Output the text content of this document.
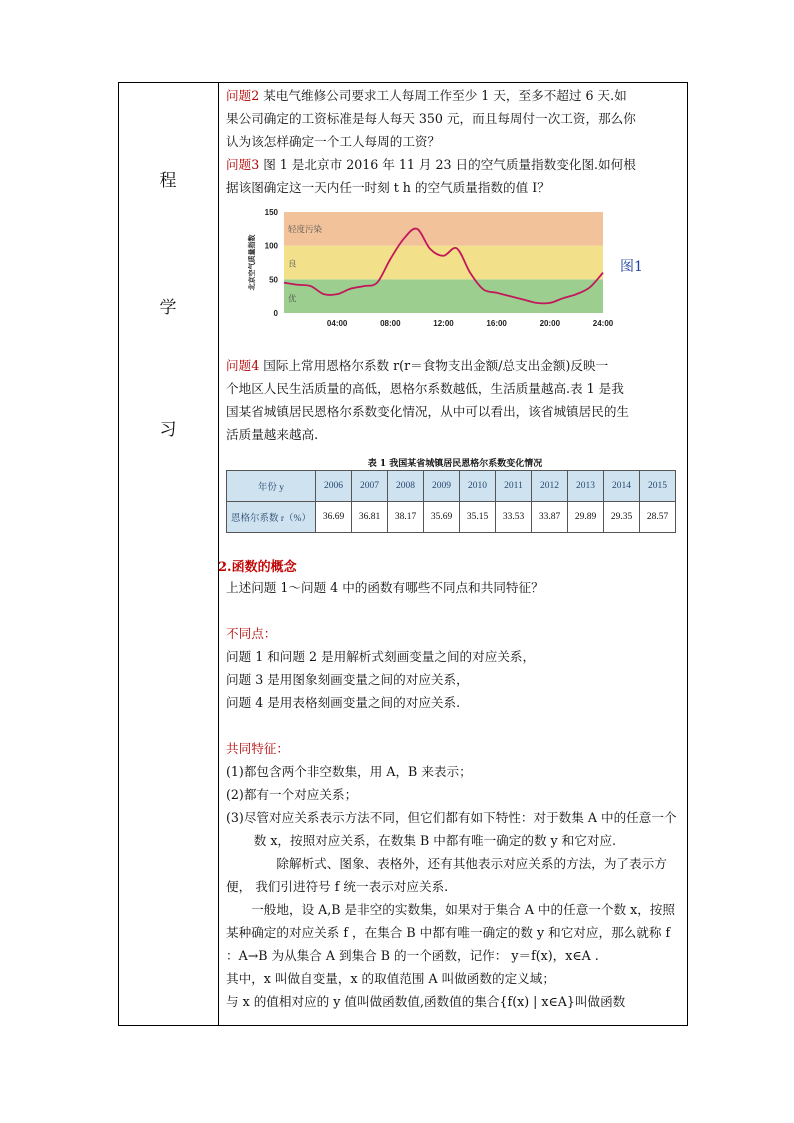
程
学
习

问题2 某电气维修公司要求工人每周工作至少 1 天，至多不超过 6 天.如

果公司确定的工资标准是每人每天 350 元，而且每周付一次工资，那么你

认为该怎样确定一个工人每周的工资？

问题3 图 1 是北京市 2016 年 11 月 23 日的空气质量指数变化图.如何根

据该图确定这一天内任一时刻 t h 的空气质量指数的值 I？

优
良
轻度污染
0
50
100
150
北京空气质量指数
04:00	08:00	12:00	16:00	20:00	24:00
图1

问题4 国际上常用恩格尔系数 r(r＝食物支出金额/总支出金额)反映一

个地区人民生活质量的高低，恩格尔系数越低，生活质量越高.表 1 是我

国某省城镇居民恩格尔系数变化情况，从中可以看出，该省城镇居民的生

活质量越来越高.

表 1 我国某省城镇居民恩格尔系数变化情况
年份 y	2006	2007	2008	2009	2010	2011	2012	2013	2014	2015
恩格尔系数 r（%）	36.69	36.81	38.17	35.69	35.15	33.53	33.87	29.89	29.35	28.57
2.函数的概念

上述问题 1～问题 4 中的函数有哪些不同点和共同特征？

不同点：

问题 1 和问题 2 是用解析式刻画变量之间的对应关系，

问题 3 是用图象刻画变量之间的对应关系，

问题 4 是用表格刻画变量之间的对应关系.

共同特征：

(1)都包含两个非空数集，用 A，B 来表示；

(2)都有一个对应关系；

(3)尽管对应关系表示方法不同，但它们都有如下特性：对于数集 A 中的任意一个数 x，按照对应关系，在数集 B 中都有唯一确定的数 y 和它对应.

除解析式、图象、表格外，还有其他表示对应关系的方法，为了表示方便， 我们引进符号 f 统一表示对应关系.

一般地，设 A,B 是非空的实数集，如果对于集合 A 中的任意一个数 x，按照某种确定的对应关系 f ，在集合 B 中都有唯一确定的数 y 和它对应，那么就称 f ：A→B 为从集合 A 到集合 B 的一个函数，记作： y＝f(x)，x∈A .

其中，x 叫做自变量，x 的取值范围 A 叫做函数的定义域；

与 x 的值相对应的 y 值叫做函数值,函数值的集合{f(x) | x∈A}叫做函数
